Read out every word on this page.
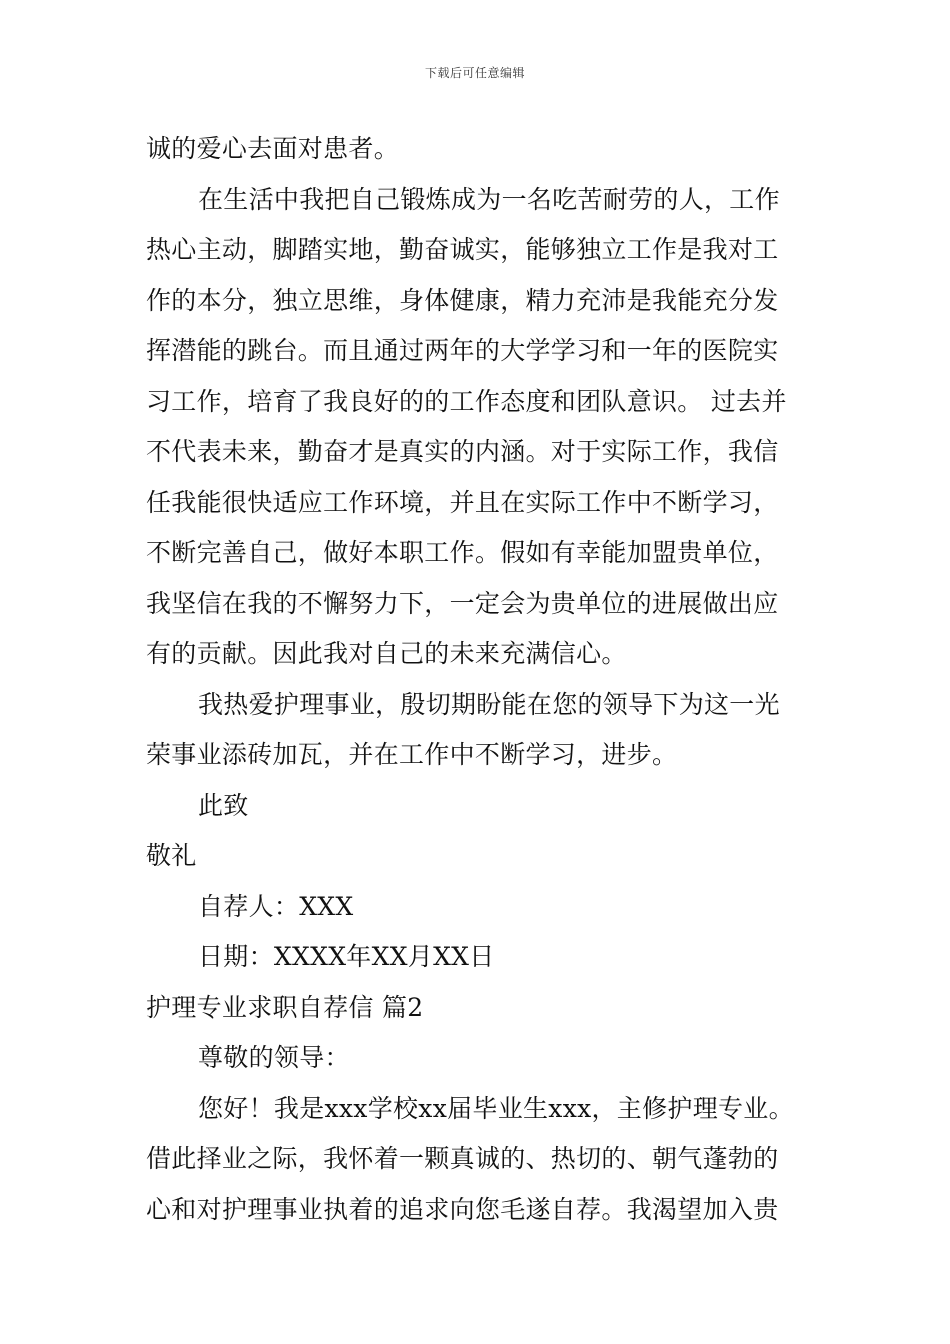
下载后可任意编辑
诚的爱心去面对患者。
在生活中我把自己锻炼成为一名吃苦耐劳的人，工作
热心主动，脚踏实地，勤奋诚实，能够独立工作是我对工
作的本分，独立思维，身体健康，精力充沛是我能充分发
挥潜能的跳台。而且通过两年的大学学习和一年的医院实
习工作，培育了我良好的的工作态度和团队意识。 过去并
不代表未来，勤奋才是真实的内涵。对于实际工作，我信
任我能很快适应工作环境，并且在实际工作中不断学习，
不断完善自己，做好本职工作。假如有幸能加盟贵单位，
我坚信在我的不懈努力下，一定会为贵单位的进展做出应
有的贡献。因此我对自己的未来充满信心。
我热爱护理事业，殷切期盼能在您的领导下为这一光
荣事业添砖加瓦，并在工作中不断学习，进步。
此致
敬礼
自荐人：XXX
日期：XXXX年XX月XX日
护理专业求职自荐信 篇2
尊敬的领导：
您好！我是xxx学校xx届毕业生xxx，主修护理专业。
借此择业之际，我怀着一颗真诚的、热切的、朝气蓬勃的
心和对护理事业执着的追求向您毛遂自荐。我渴望加入贵
